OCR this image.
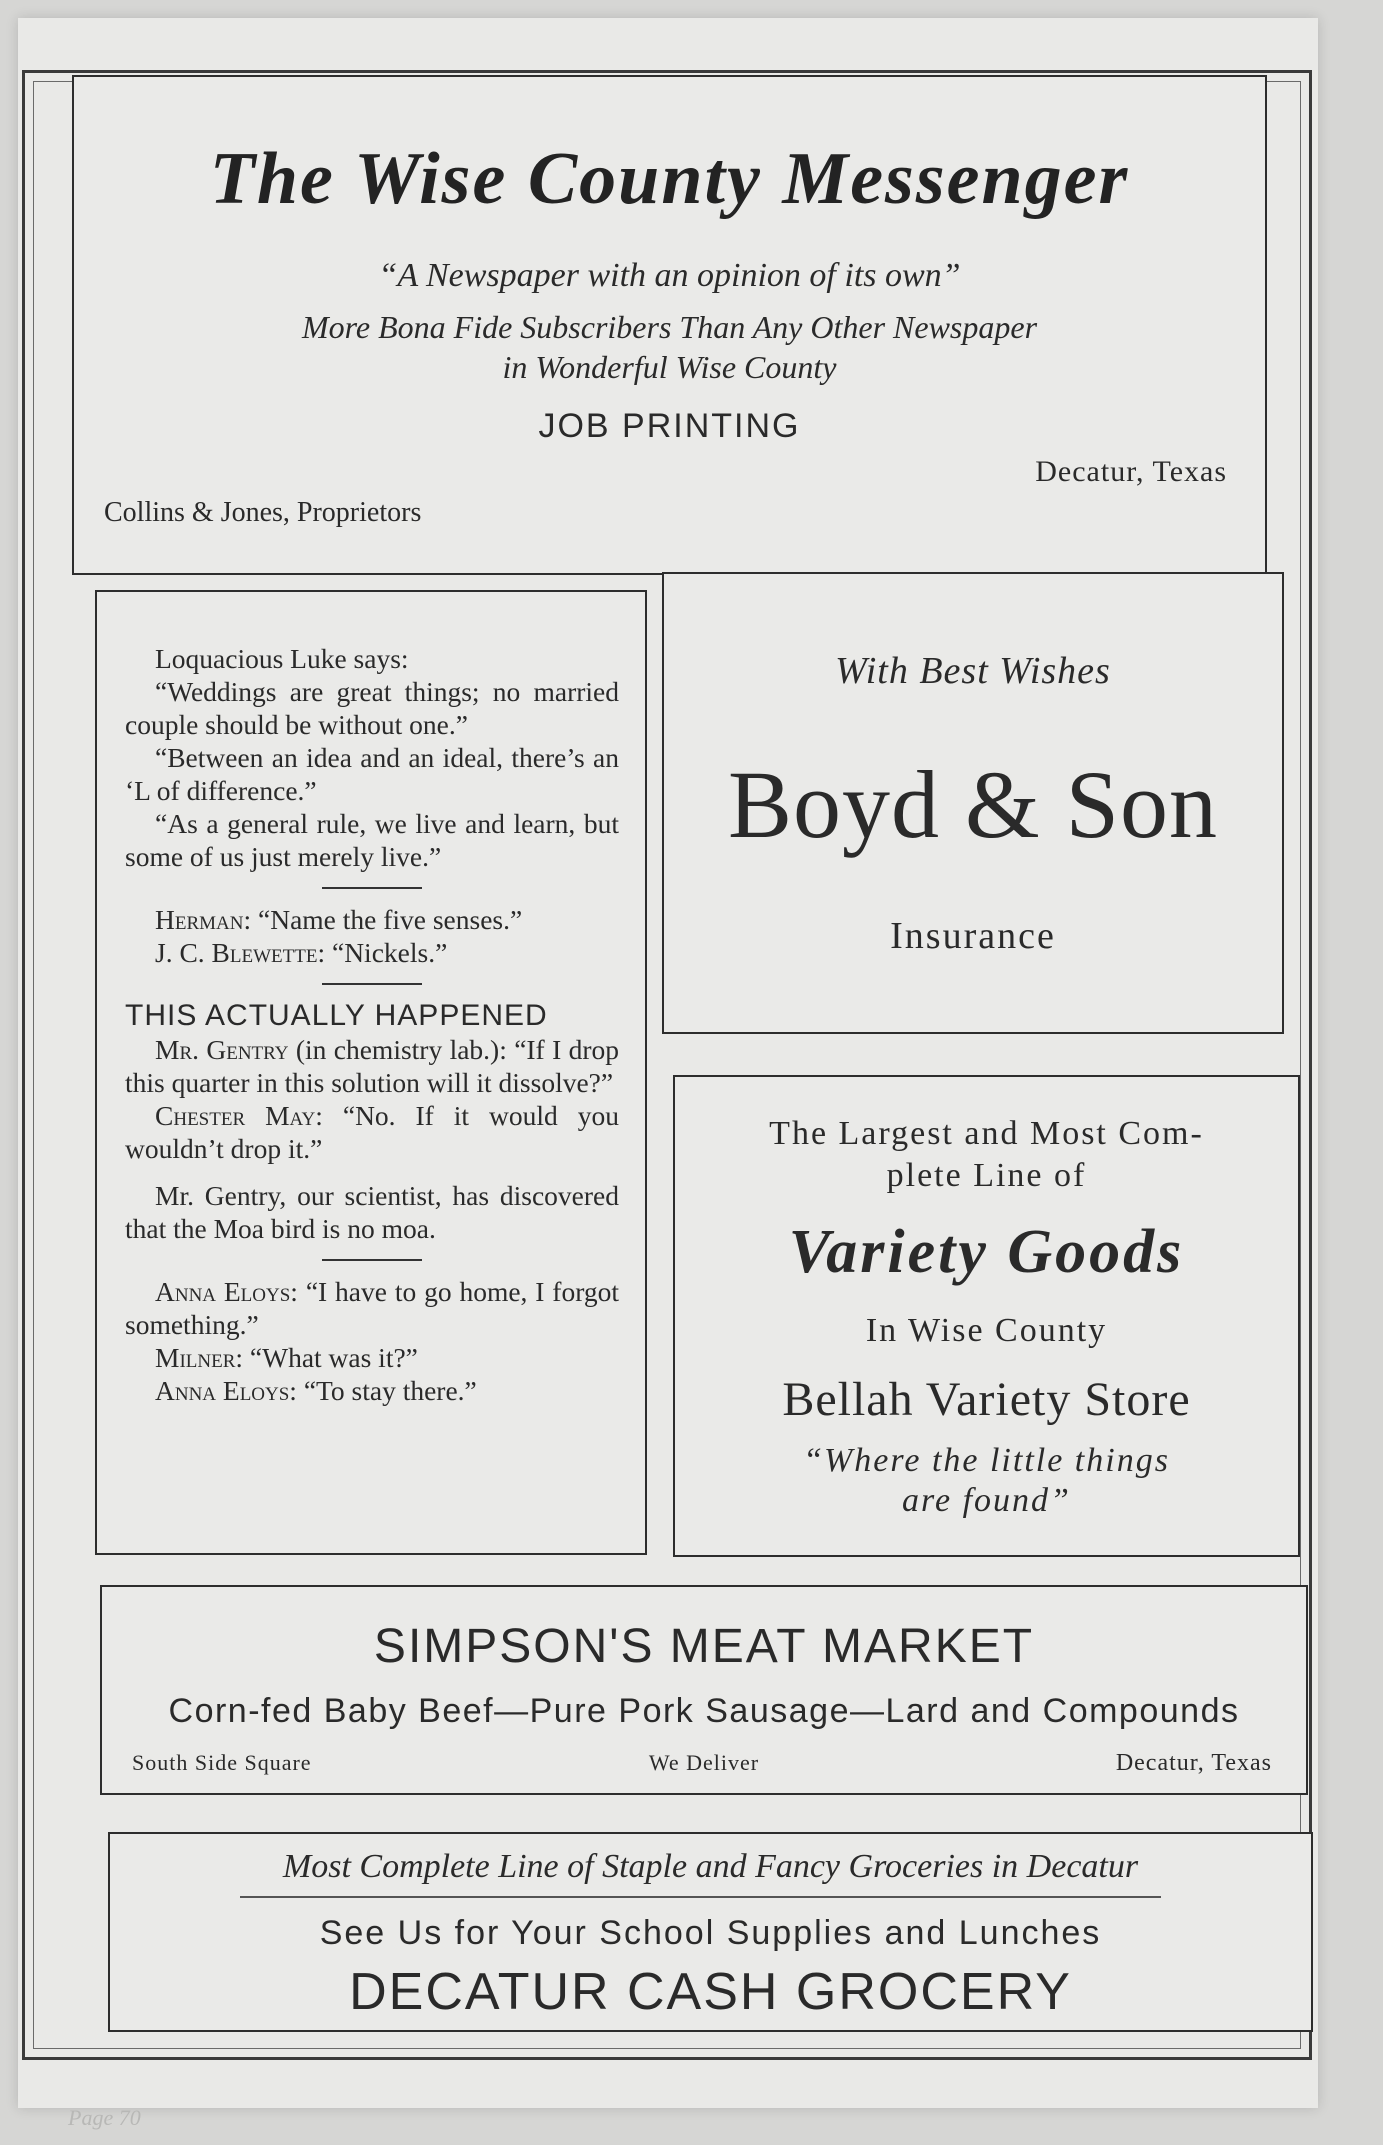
The Wise County Messenger
“A Newspaper with an opinion of its own”
More Bona Fide Subscribers Than Any Other Newspaper
in Wonderful Wise County
JOB PRINTING
Decatur, Texas
Collins & Jones, Proprietors

Loquacious Luke says:

“Weddings are great things; no married couple should be without one.”

“Between an idea and an ideal, there’s an ‘L of difference.”

“As a general rule, we live and learn, but some of us just merely live.”

Herman: “Name the five senses.”

J. C. Blewette: “Nickels.”

THIS ACTUALLY HAPPENED

Mr. Gentry (in chemistry lab.): “If I drop this quarter in this solution will it dissolve?”

Chester May: “No. If it would you wouldn’t drop it.”

Mr. Gentry, our scientist, has discovered that the Moa bird is no moa.

Anna Eloys: “I have to go home, I forgot something.”

Milner: “What was it?”

Anna Eloys: “To stay there.”

With Best Wishes
Boyd & Son
Insurance
The Largest and Most Com-
plete Line of
Variety Goods
In Wise County
Bellah Variety Store
“Where the little things
are found”
SIMPSON'S MEAT MARKET
Corn-fed Baby Beef—Pure Pork Sausage—Lard and Compounds
South Side Square	We Deliver	Decatur, Texas
Most Complete Line of Staple and Fancy Groceries in Decatur
See Us for Your School Supplies and Lunches
DECATUR CASH GROCERY
Page 70
